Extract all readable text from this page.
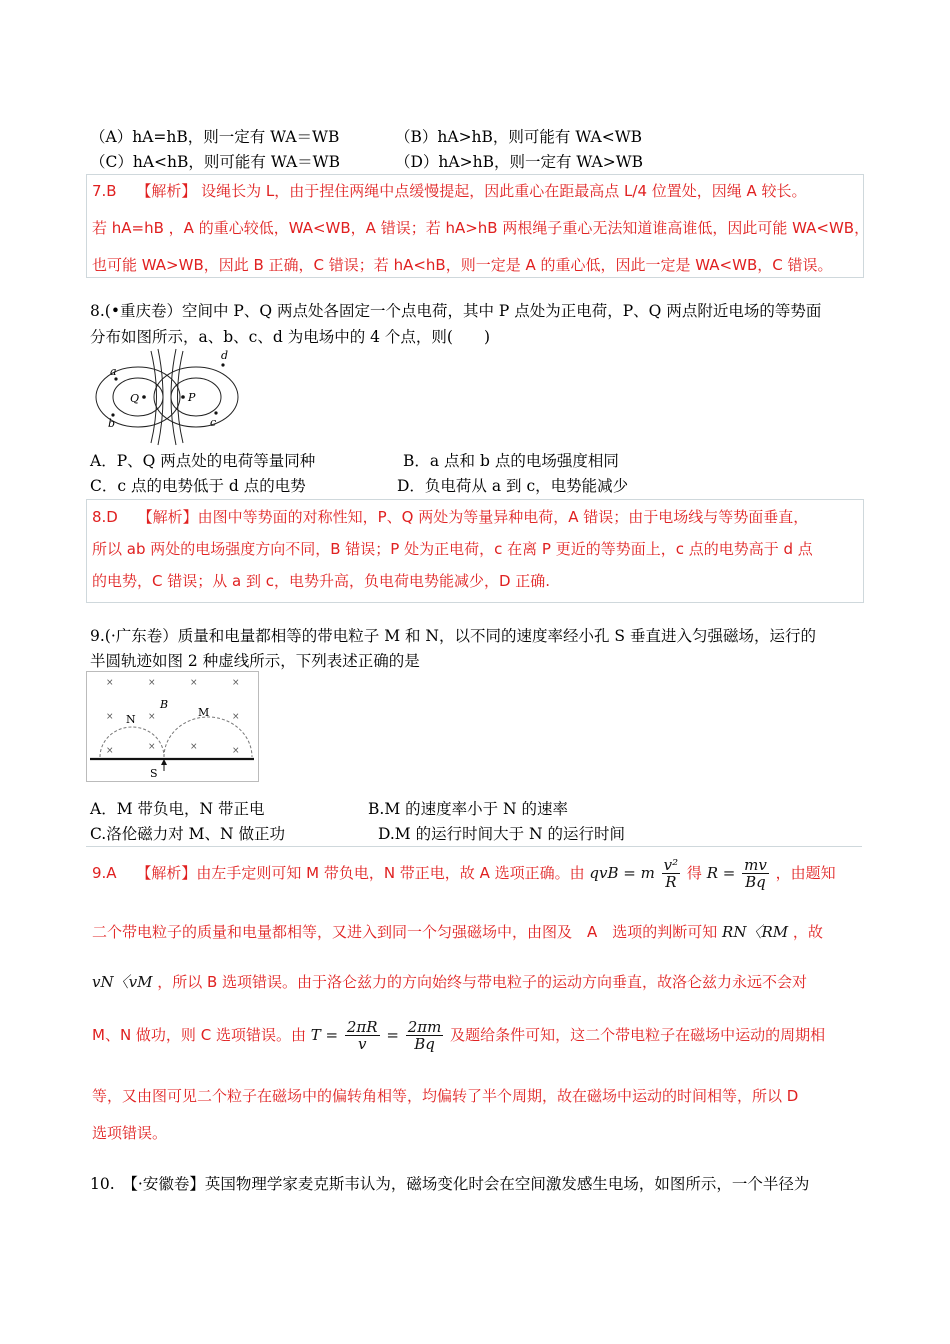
（A）hA=hB，则一定有 WA＝WB	（B）hA>hB，则可能有 WA<WB
（C）hA<hB，则可能有 WA＝WB	（D）hA>hB，则一定有 WA>WB
7.B　 【解析】 设绳长为 L，由于捏住两绳中点缓慢提起，因此重心在距最高点 L/4 位置处，因绳 A 较长。
若 hA=hB ，A 的重心较低，WA<WB，A 错误；若 hA>hB 两根绳子重心无法知道谁高谁低，因此可能 WA<WB，
也可能 WA>WB，因此 B 正确，C 错误；若 hA<hB，则一定是 A 的重心低，因此一定是 WA<WB，C 错误。
8.(•重庆卷）空间中 P、Q 两点处各固定一个点电荷，其中 P 点处为正电荷，P、Q 两点附近电场的等势面
分布如图所示，a、b、c、d 为电场中的 4 个点，则(　　)
Q	P
a
b	c
d
A．P、Q 两点处的电荷等量同种	B．a 点和 b 点的电场强度相同
C．c 点的电势低于 d 点的电势	D．负电荷从 a 到 c，电势能减少
8.D　 【解析】由图中等势面的对称性知，P、Q 两处为等量异种电荷，A 错误；由于电场线与等势面垂直，
所以 ab 两处的电场强度方向不同，B 错误；P 处为正电荷，c 在离 P 更近的等势面上，c 点的电势高于 d 点
的电势，C 错误；从 a 到 c，电势升高，负电荷电势能减少，D 正确.
9.(·广东卷）质量和电量都相等的带电粒子 M 和 N，以不同的速度率经小孔 S 垂直进入匀强磁场，运行的
半圆轨迹如图 2 种虚线所示，下列表述正确的是
×	×	×	×
×	×	×
×	×	×	×
B
N
M
S
A．M 带负电，N 带正电	B.M 的速度率小于 N 的速率
C.洛伦磁力对 M、N 做正功	D.M 的运行时间大于 N 的运行时间
9.A　 【解析】由左手定则可知 M 带负电，N 带正电，故 A 选项正确。由 qvB = m $\frac{\text{v²}}{R}$ 得 $R = \frac{mv}{Bq}$ ，由题知
二个带电粒子的质量和电量都相等，又进入到同一个匀强磁场中，由图及　A　选项的判断可知 RN〈RM ，故
vN〈vM ，所以 B 选项错误。由于洛仑兹力的方向始终与带电粒子的运动方向垂直，故洛仑兹力永远不会对
M、N 做功，则 C 选项错误。由 $T = \frac{2\pi R}{v} = \frac{2\pi m}{Bq}$ 及题给条件可知，这二个带电粒子在磁场中运动的周期相
等，又由图可见二个粒子在磁场中的偏转角相等，均偏转了半个周期，故在磁场中运动的时间相等，所以 D
选项错误。
10.　【·安徽卷】英国物理学家麦克斯韦认为，磁场变化时会在空间激发感生电场，如图所示，一个半径为
